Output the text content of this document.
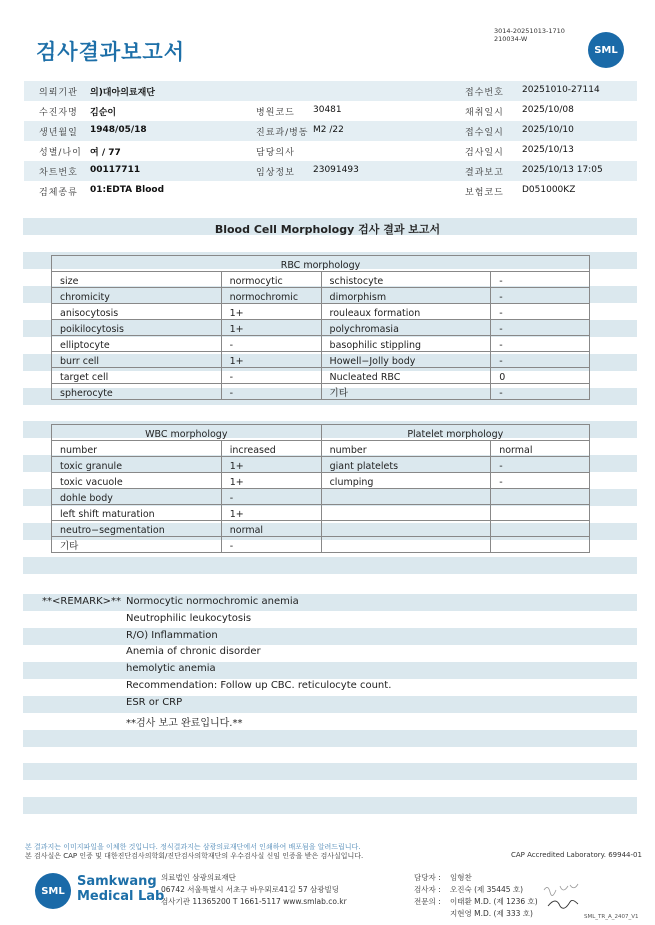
검사결과보고서
3014-20251013-1710
210034-W
SML
의뢰기관 의)대아의료재단	접수번호 20251010-27114
수진자명 김순이	병원코드 30481	채취일시 2025/10/08
생년월일 1948/05/18	진료과/병동 M2 /22	접수일시 2025/10/10
성별/나이 여 / 77	담당의사	검사일시 2025/10/13
차트번호 00117711	임상정보 23091493	결과보고 2025/10/13 17:05
검체종류 01:EDTA Blood	보험코드 D051000KZ
Blood Cell Morphology 검사 결과 보고서
RBC morphology			
size	normocytic	schistocyte	-
chromicity	normochromic	dimorphism	-
anisocytosis	1+	rouleaux formation	-
poikilocytosis	1+	polychromasia	-
elliptocyte	-	basophilic stippling	-
burr cell	1+	Howell−Jolly body	-
target cell	-	Nucleated RBC	0
spherocyte	-	기타	-
WBC morphology		Platelet morphology	
number	increased	number	normal
toxic granule	1+	giant platelets	-
toxic vacuole	1+	clumping	-
dohle body	-		
left shift maturation	1+		
neutro−segmentation	normal		
기타	-		
**<REMARK>** Normocytic normochromic anemia
Neutrophilic leukocytosis
R/O) Inflammation
Anemia of chronic disorder
hemolytic anemia
Recommendation: Follow up CBC. reticulocyte count.
ESR or CRP
**검사 보고 완료입니다.**
본 결과지는 이미지파일을 이체한 것입니다. 정식결과지는 삼광의료재단에서 인쇄하여 배포됨을 알려드립니다.
본 검사실은 CAP 인증 및 대한진단검사의학회/진단검사의학재단의 우수검사실 신임 인증을 받은 검사실입니다.	CAP Accredited Laboratory. 69944-01
SML
Samkwang
Medical Lab
의료법인 삼광의료재단
06742 서울특별시 서초구 바우뫼로41길 57 삼광빌딩
검사기관 11365200 T 1661-5117 www.smlab.co.kr
담당자 : 임형찬
검사자 : 오진숙 (제 35445 호)
전문의 : 이태환 M.D. (제 1236 호)
지현영 M.D. (제 333 호)	SML_TR_A_2407_V1
